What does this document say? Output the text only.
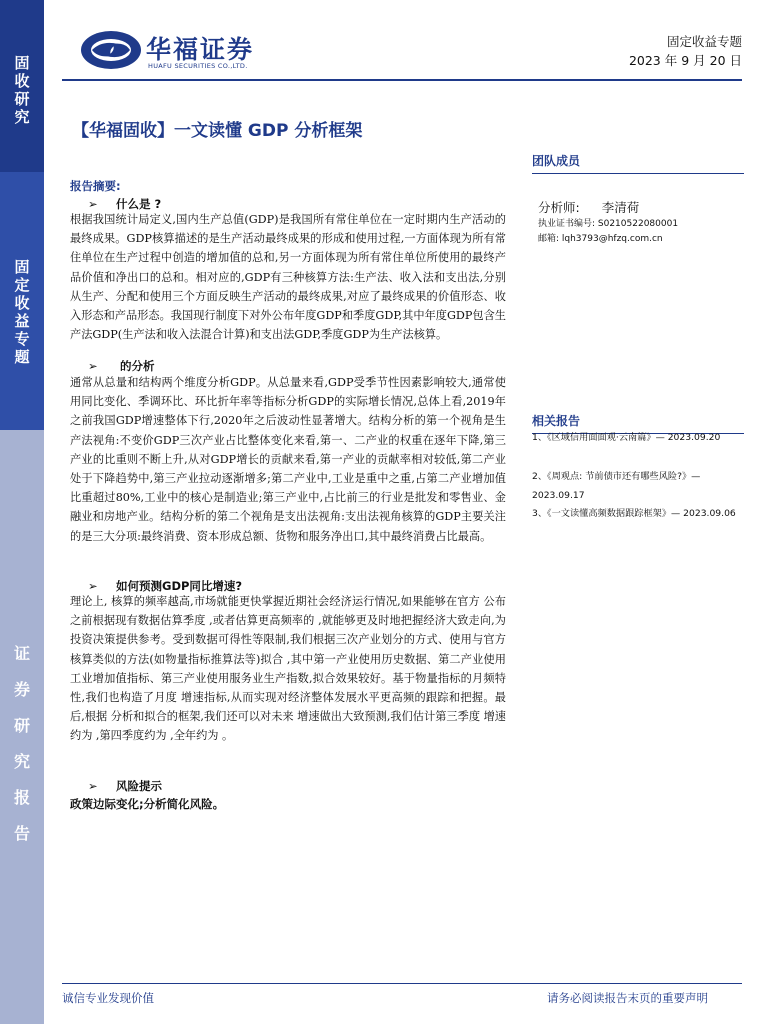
固
收
研
究
固
定
收
益
专
题
证
券
研
究
报
告
华福证券
HUAFU SECURITIES CO.,LTD.
固定收益专题
2023 年 9 月 20 日
【华福固收】一文读懂 GDP 分析框架
团队成员
分析师: 李清荷
执业证书编号: S0210522080001
邮箱: lqh3793@hfzq.com.cn
相关报告
1、《区域信用面面观·云南篇》— 2023.09.20
2、《周观点: 节前债市还有哪些风险?》—
2023.09.17
3、《一文读懂高频数据跟踪框架》— 2023.09.06
报告摘要:
➢ 什么是 ?
根据我国统计局定义,国内生产总值(GDP)是我国所有常住单位在一定时期内生产活动的最终成果。GDP核算描述的是生产活动最终成果的形成和使用过程,一方面体现为所有常住单位在生产过程中创造的增加值的总和,另一方面体现为所有常住单位所使用的最终产品价值和净出口的总和。相对应的,GDP有三种核算方法:生产法、收入法和支出法,分别从生产、分配和使用三个方面反映生产活动的最终成果,对应了最终成果的价值形态、收入形态和产品形态。我国现行制度下对外公布年度GDP和季度GDP,其中年度GDP包含生产法GDP(生产法和收入法混合计算)和支出法GDP,季度GDP为生产法核算。
➢ 的分析
通常从总量和结构两个维度分析GDP。从总量来看,GDP受季节性因素影响较大,通常使用同比变化、季调环比、环比折年率等指标分析GDP的实际增长情况,总体上看,2019年之前我国GDP增速整体下行,2020年之后波动性显著增大。结构分析的第一个视角是生产法视角:不变价GDP三次产业占比整体变化来看,第一、二产业的权重在逐年下降,第三产业的比重则不断上升,从对GDP增长的贡献来看,第一产业的贡献率相对较低,第二产业处于下降趋势中,第三产业拉动逐渐增多;第二产业中,工业是重中之重,占第二产业增加值比重超过80%,工业中的核心是制造业;第三产业中,占比前三的行业是批发和零售业、金融业和房地产业。结构分析的第二个视角是支出法视角:支出法视角核算的GDP主要关注的是三大分项:最终消费、资本形成总额、货物和服务净出口,其中最终消费占比最高。
➢ 如何预测GDP同比增速?
理论上, 核算的频率越高,市场就能更快掌握近期社会经济运行情况,如果能够在官方 公布之前根据现有数据估算季度 ,或者估算更高频率的 ,就能够更及时地把握经济大致走向,为投资决策提供参考。受到数据可得性等限制,我们根据三次产业划分的方式、使用与官方 核算类似的方法(如物量指标推算法等)拟合 ,其中第一产业使用历史数据、第二产业使用工业增加值指标、第三产业使用服务业生产指数,拟合效果较好。基于物量指标的月频特性,我们也构造了月度 增速指标,从而实现对经济整体发展水平更高频的跟踪和把握。最后,根据 分析和拟合的框架,我们还可以对未来 增速做出大致预测,我们估计第三季度 增速约为 ,第四季度约为 ,全年约为 。
➢ 风险提示
政策边际变化;分析简化风险。
诚信专业发现价值	请务必阅读报告末页的重要声明
